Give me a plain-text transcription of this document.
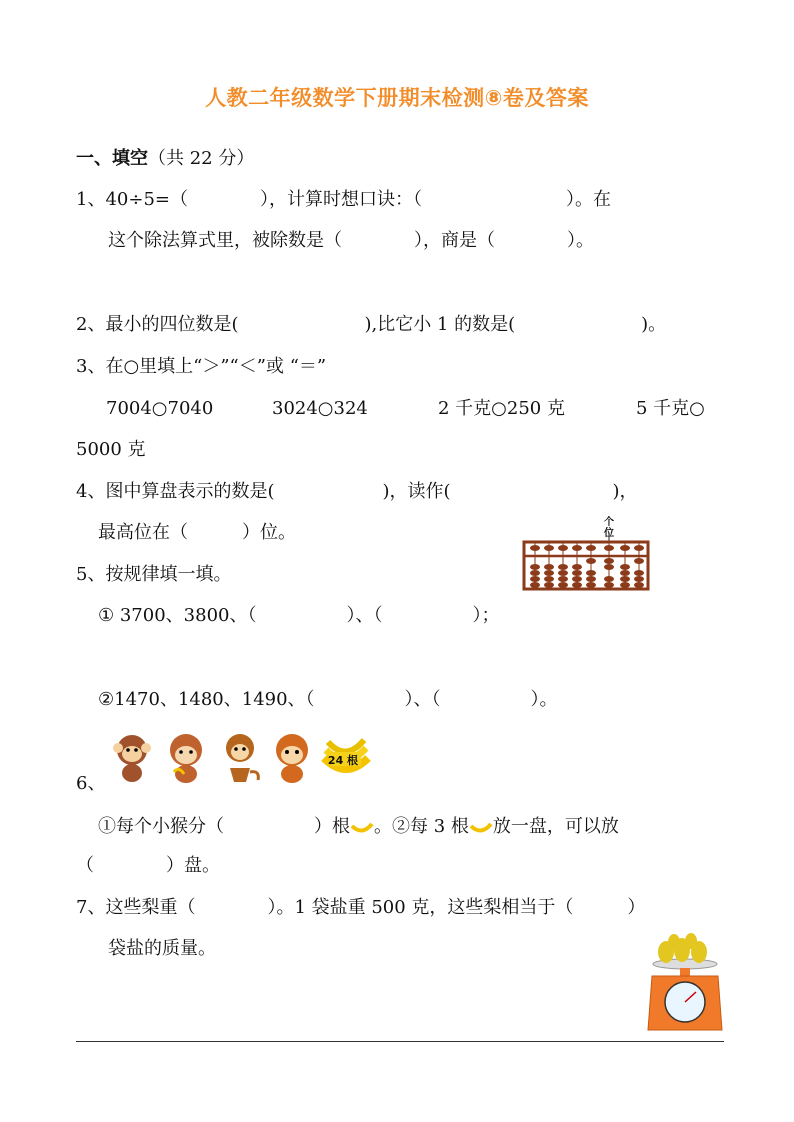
人教二年级数学下册期末检测⑧卷及答案
一、填空（共 22 分）
1、40÷5=（　　　　），计算时想口诀：（　　　　　　　　）。在
这个除法算式里，被除数是（　　　　），商是（　　　　）。
2、最小的四位数是(　　　　　　　),比它小 1 的数是(　　　　　　　)。
3、在○里填上“＞”“＜”或 “＝”
7004○7040	3024○324	2 千克○250 克	5 千克○
5000 克
4、图中算盘表示的数是(　　　　　　)，读作(　　　　　　　　　)，
最高位在（　　　）位。	个位
5、按规律填一填。
① 3700、3800、（　　　　　）、（　　　　　）；
②1470、1480、1490、（　　　　　）、（　　　　　）。
24 根
6、
①每个小猴分（　　　　　）根 。②每 3 根 放一盘，可以放
（　　　　）盘。
7、这些梨重（　　　　）。1 袋盐重 500 克，这些梨相当于（　　　）
袋盐的质量。
